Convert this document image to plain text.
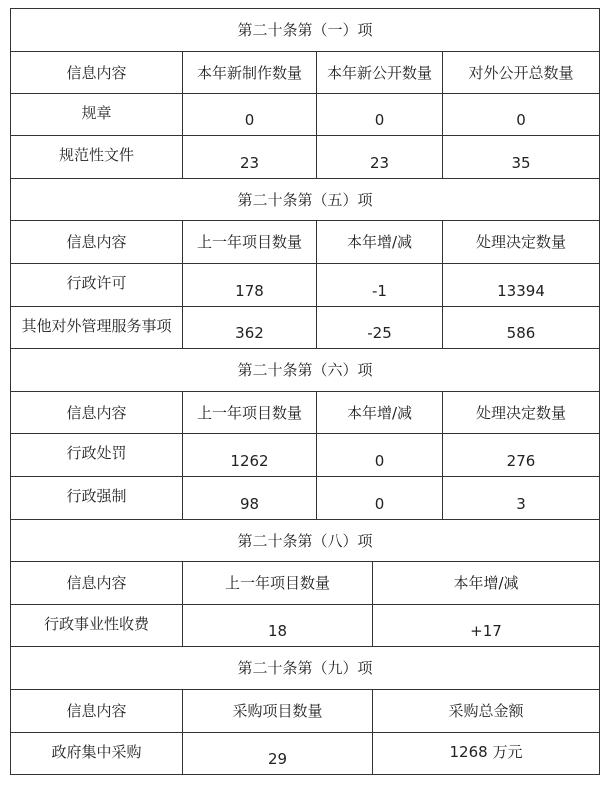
第二十条第（一）项
信息内容	本年新制作数量	本年新公开数量	对外公开总数量
规章	0	0	0
规范性文件	23	23	35
第二十条第（五）项
信息内容	上一年项目数量	本年增/减	处理决定数量
行政许可	178	-1	13394
其他对外管理服务事项	362	-25	586
第二十条第（六）项
信息内容	上一年项目数量	本年增/减	处理决定数量
行政处罚	1262	0	276
行政强制	98	0	3
第二十条第（八）项
信息内容	上一年项目数量	本年增/减
行政事业性收费	18	+17
第二十条第（九）项
信息内容	采购项目数量	采购总金额
政府集中采购	29	1268 万元
